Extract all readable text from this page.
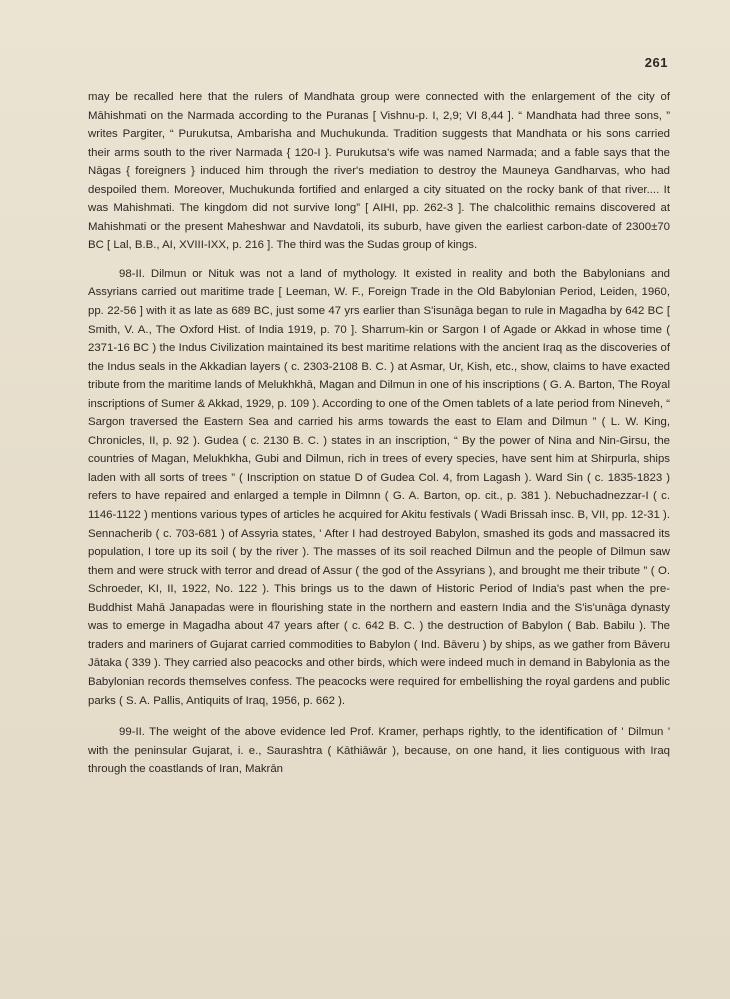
261

may be recalled here that the rulers of Mandhata group were connected with the enlargement of the city of Māhishmati on the Narmada according to the Puranas [ Vishnu-p. I, 2,9; VI 8,44 ]. “ Mandhata had three sons, ” writes Pargiter, “ Purukutsa, Ambarisha and Muchukunda. Tradition suggests that Mandhata or his sons carried their arms south to the river Narmada { 120-I }. Purukutsa's wife was named Narmada; and a fable says that the Nāgas { foreigners } induced him through the river's mediation to destroy the Mauneya Gandharvas, who had despoiled them. Moreover, Muchukunda fortified and enlarged a city situated on the rocky bank of that river.... It was Mahishmati. The kingdom did not survive long” [ AIHI, pp. 262-3 ]. The chalcolithic remains discovered at Mahishmati or the present Maheshwar and Navdatoli, its suburb, have given the earliest carbon-date of 2300±70 BC [ Lal, B.B., AI, XVIII-IXX, p. 216 ]. The third was the Sudas group of kings.

98-II. Dilmun or Nituk was not a land of mythology. It existed in reality and both the Babylonians and Assyrians carried out maritime trade [ Leeman, W. F., Foreign Trade in the Old Babylonian Period, Leiden, 1960, pp. 22-56 ] with it as late as 689 BC, just some 47 yrs earlier than S'isunāga began to rule in Magadha by 642 BC [ Smith, V. A., The Oxford Hist. of India 1919, p. 70 ]. Sharrum-kin or Sargon I of Agade or Akkad in whose time ( 2371-16 BC ) the Indus Civilization maintained its best maritime relations with the ancient Iraq as the discoveries of the Indus seals in the Akkadian layers ( c. 2303-2108 B. C. ) at Asmar, Ur, Kish, etc., show, claims to have exacted tribute from the maritime lands of Melukhkhā, Magan and Dilmun in one of his inscriptions ( G. A. Barton, The Royal inscriptions of Sumer & Akkad, 1929, p. 109 ). According to one of the Omen tablets of a late period from Nineveh, “ Sargon traversed the Eastern Sea and carried his arms towards the east to Elam and Dilmun ” ( L. W. King, Chronicles, II, p. 92 ). Gudea ( c. 2130 B. C. ) states in an inscription, “ By the power of Nina and Nin-Girsu, the countries of Magan, Melukhkha, Gubi and Dilmun, rich in trees of every species, have sent him at Shirpurla, ships laden with all sorts of trees ” ( Inscription on statue D of Gudea Col. 4, from Lagash ). Ward Sin ( c. 1835-1823 ) refers to have repaired and enlarged a temple in Dilmnn ( G. A. Barton, op. cit., p. 381 ). Nebuchadnezzar-I ( c. 1146-1122 ) mentions various types of articles he acquired for Akitu festivals ( Wadi Brissah insc. B, VII, pp. 12-31 ). Sennacherib ( c. 703-681 ) of Assyria states, ' After I had destroyed Babylon, smashed its gods and massacred its population, I tore up its soil ( by the river ). The masses of its soil reached Dilmun and the people of Dilmun saw them and were struck with terror and dread of Assur ( the god of the Assyrians ), and brought me their tribute ” ( O. Schroeder, KI, II, 1922, No. 122 ). This brings us to the dawn of Historic Period of India's past when the pre-Buddhist Mahā Janapadas were in flourishing state in the northern and eastern India and the S'is'unāga dynasty was to emerge in Magadha about 47 years after ( c. 642 B. C. ) the destruction of Babylon ( Bab. Babilu ). The traders and mariners of Gujarat carried commodities to Babylon ( Ind. Bāveru ) by ships, as we gather from Bāveru Jātaka ( 339 ). They carried also peacocks and other birds, which were indeed much in demand in Babylonia as the Babylonian records themselves confess. The peacocks were required for embellishing the royal gardens and public parks ( S. A. Pallis, Antiquits of Iraq, 1956, p. 662 ).

99-II. The weight of the above evidence led Prof. Kramer, perhaps rightly, to the identification of ' Dilmun ' with the peninsular Gujarat, i. e., Saurashtra ( Kāthiāwār ), because, on one hand, it lies contiguous with Iraq through the coastlands of Iran, Makrān
